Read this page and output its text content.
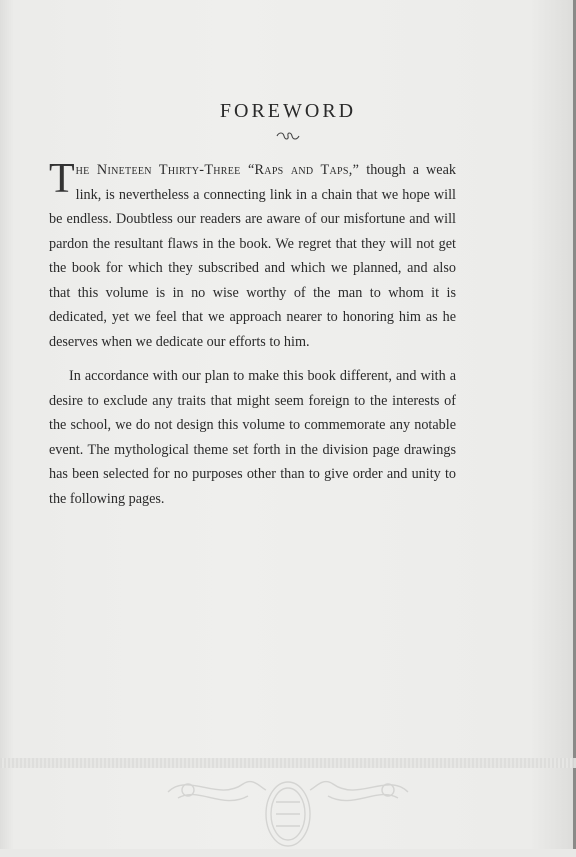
FOREWORD

The Nineteen Thirty-Three “Raps and Taps,” though a weak link, is nevertheless a connecting link in a chain that we hope will be endless. Doubtless our readers are aware of our misfortune and will pardon the resultant flaws in the book. We regret that they will not get the book for which they subscribed and which we planned, and also that this volume is in no wise worthy of the man to whom it is dedicated, yet we feel that we approach nearer to honoring him as he deserves when we dedicate our efforts to him.

In accordance with our plan to make this book different, and with a desire to exclude any traits that might seem foreign to the interests of the school, we do not design this volume to commemorate any notable event. The mythological theme set forth in the division page drawings has been selected for no purposes other than to give order and unity to the following pages.
